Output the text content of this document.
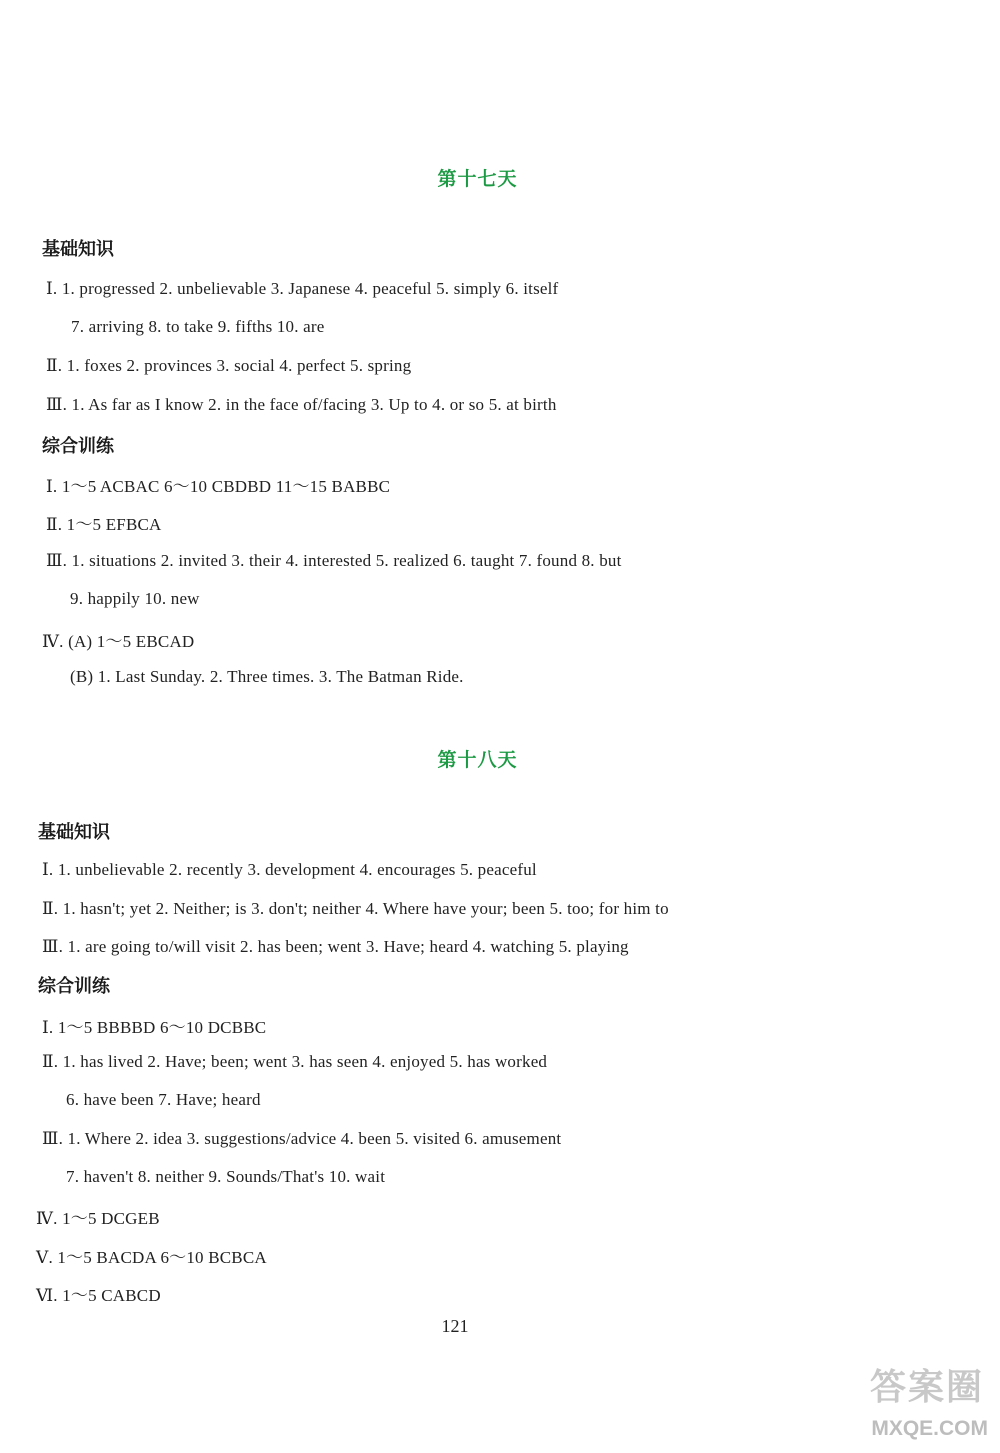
第十七天
基础知识
Ⅰ. 1. progressed 2. unbelievable 3. Japanese 4. peaceful 5. simply 6. itself
7. arriving 8. to take 9. fifths 10. are
Ⅱ. 1. foxes 2. provinces 3. social 4. perfect 5. spring
Ⅲ. 1. As far as I know 2. in the face of/facing 3. Up to 4. or so 5. at birth
综合训练
Ⅰ. 1～5 ACBAC 6～10 CBDBD 11～15 BABBC
Ⅱ. 1～5 EFBCA
Ⅲ. 1. situations 2. invited 3. their 4. interested 5. realized 6. taught 7. found 8. but
9. happily 10. new
Ⅳ. (A) 1～5 EBCAD
(B) 1. Last Sunday. 2. Three times. 3. The Batman Ride.
第十八天
基础知识
Ⅰ. 1. unbelievable 2. recently 3. development 4. encourages 5. peaceful
Ⅱ. 1. hasn't; yet 2. Neither; is 3. don't; neither 4. Where have your; been 5. too; for him to
Ⅲ. 1. are going to/will visit 2. has been; went 3. Have; heard 4. watching 5. playing
综合训练
Ⅰ. 1～5 BBBBD 6～10 DCBBC
Ⅱ. 1. has lived 2. Have; been; went 3. has seen 4. enjoyed 5. has worked
6. have been 7. Have; heard
Ⅲ. 1. Where 2. idea 3. suggestions/advice 4. been 5. visited 6. amusement
7. haven't 8. neither 9. Sounds/That's 10. wait
Ⅳ. 1～5 DCGEB
Ⅴ. 1～5 BACDA 6～10 BCBCA
Ⅵ. 1～5 CABCD
121
答案圈
MXQE.COM
